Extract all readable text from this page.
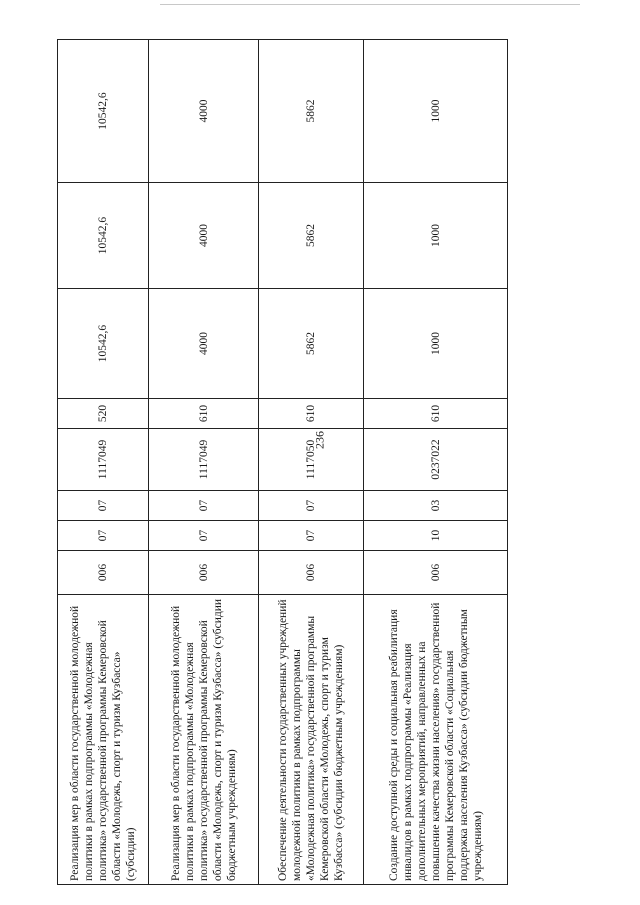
236
Реализация мер в области государственной молодежной политики в рамках подпрограммы «Молодежная политика» государственной программы Кемеровской области «Молодежь, спорт и туризм Кузбасса» (субсидии)	006	07	07	1117049	520	10542,6	10542,6	10542,6
Реализация мер в области государственной молодежной политики в рамках подпрограммы «Молодежная политика» государственной программы Кемеровской области «Молодежь, спорт и туризм Кузбасса» (субсидии бюджетным учреждениям)	006	07	07	1117049	610	4000	4000	4000
Обеспечение деятельности государственных учреждений молодежной политики в рамках подпрограммы «Молодежная политика» государственной программы Кемеровской области «Молодежь, спорт и туризм Кузбасса» (субсидии бюджетным учреждениям)	006	07	07	1117050	610	5862	5862	5862
Создание доступной среды и социальная реабилитация инвалидов в рамках подпрограммы «Реализация дополнительных мероприятий, направленных на повышение качества жизни населения» государственной программы Кемеровской области «Социальная поддержка населения Кузбасса» (субсидии бюджетным учреждениям)	006	10	03	0237022	610	1000	1000	1000
